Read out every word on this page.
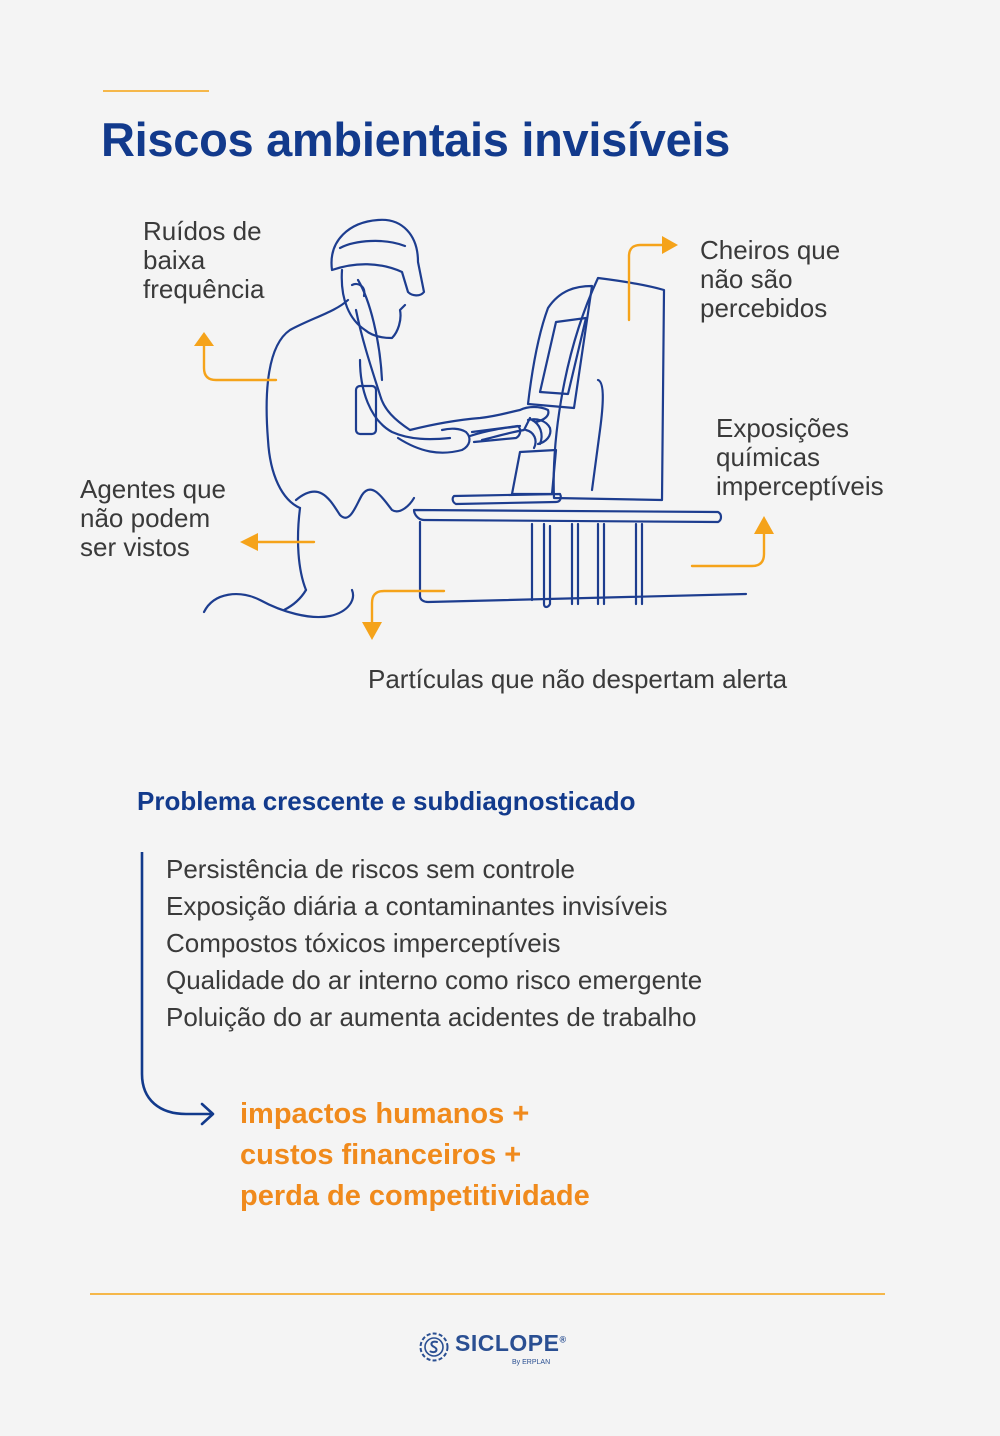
Riscos ambientais invisíveis
Ruídos de
baixa
frequência
Cheiros que
não são
percebidos
Exposições
químicas
imperceptíveis
Agentes que
não podem
ser vistos
Partículas que não despertam alerta
Problema crescente e subdiagnosticado
Persistência de riscos sem controle
Exposição diária a contaminantes invisíveis
Compostos tóxicos imperceptíveis
Qualidade do ar interno como risco emergente
Poluição do ar aumenta acidentes de trabalho
impactos humanos +
custos financeiros +
perda de competitividade
SICLOPE®
By ERPLAN
